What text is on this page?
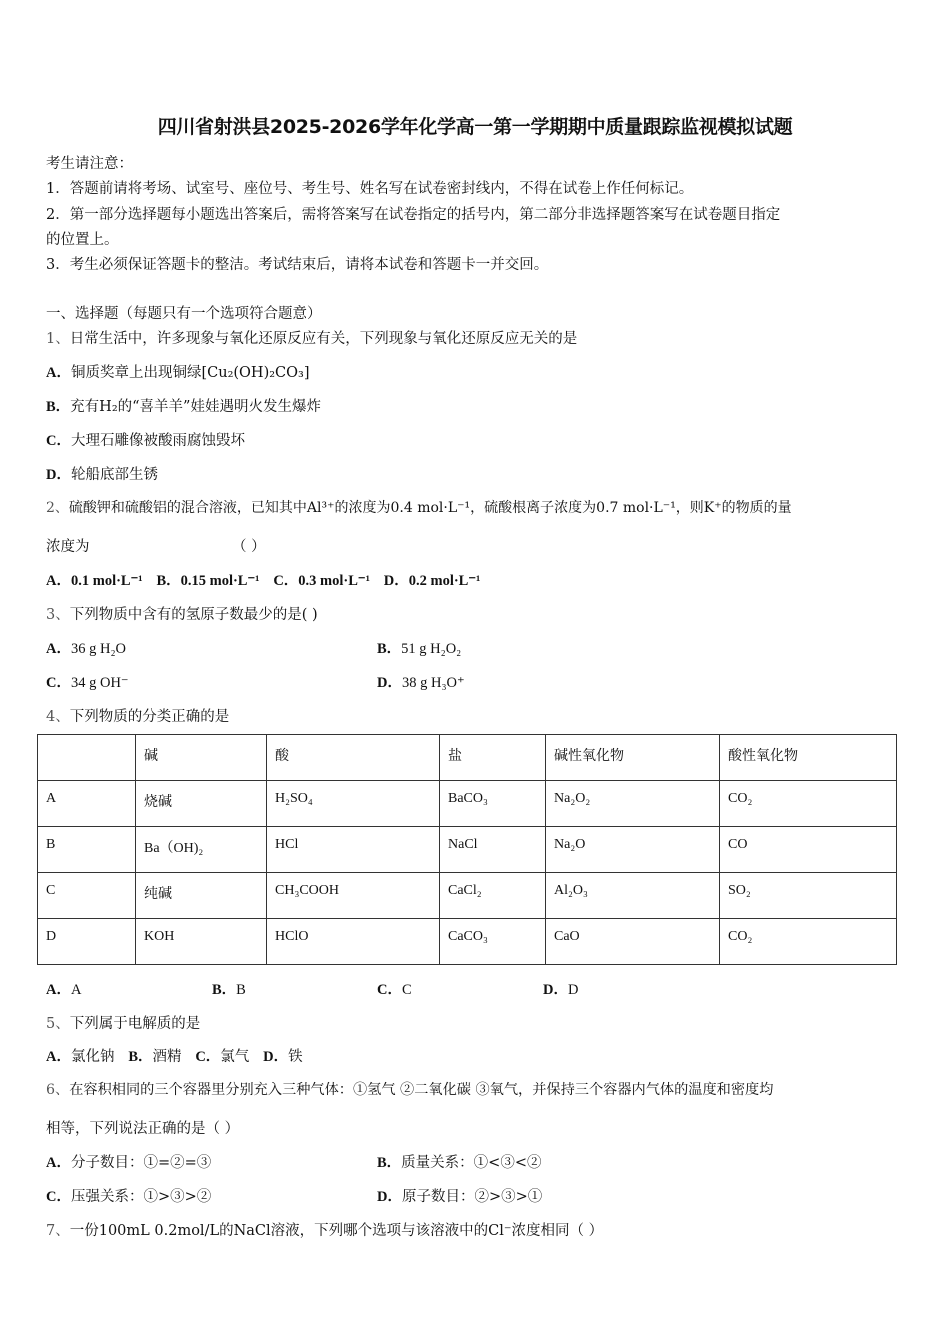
四川省射洪县2025-2026学年化学高一第一学期期中质量跟踪监视模拟试题
考生请注意：
1．答题前请将考场、试室号、座位号、考生号、姓名写在试卷密封线内，不得在试卷上作任何标记。
2．第一部分选择题每小题选出答案后，需将答案写在试卷指定的括号内，第二部分非选择题答案写在试卷题目指定
的位置上。
3．考生必须保证答题卡的整洁。考试结束后，请将本试卷和答题卡一并交回。
一、选择题（每题只有一个选项符合题意）
1、日常生活中，许多现象与氧化还原反应有关，下列现象与氧化还原反应无关的是
A．铜质奖章上出现铜绿[Cu₂(OH)₂CO₃]
B．充有H₂的“喜羊羊”娃娃遇明火发生爆炸
C．大理石雕像被酸雨腐蚀毁坏
D．轮船底部生锈
2、硫酸钾和硫酸铝的混合溶液，已知其中Al³⁺的浓度为0.4 mol·L⁻¹，硫酸根离子浓度为0.7 mol·L⁻¹，则K⁺的物质的量
浓度为	（ ）
A．0.1 mol·L⁻¹ B．0.15 mol·L⁻¹ C．0.3 mol·L⁻¹ D．0.2 mol·L⁻¹
3、下列物质中含有的氢原子数最少的是( )
A．36 g H₂O	B．51 g H₂O₂
C．34 g OH⁻	D．38 g H₃O⁺
4、下列物质的分类正确的是
	碱	酸	盐	碱性氧化物	酸性氧化物
A	烧碱	H₂SO₄	BaCO₃	Na₂O₂	CO₂
B	Ba（OH)₂	HCl	NaCl	Na₂O	CO
C	纯碱	CH₃COOH	CaCl₂	Al₂O₃	SO₂
D	KOH	HClO	CaCO₃	CaO	CO₂
A．A	B．B	C．C	D．D
5、下列属于电解质的是
A．氯化钠 B．酒精 C．氯气 D．铁
6、在容积相同的三个容器里分别充入三种气体：①氢气 ②二氧化碳 ③氧气，并保持三个容器内气体的温度和密度均
相等，下列说法正确的是（ ）
A．分子数目：①=②=③	B．质量关系：①<③<②
C．压强关系：①>③>②	D．原子数目：②>③>①
7、一份100mL 0.2mol/L的NaCl溶液，下列哪个选项与该溶液中的Cl⁻浓度相同（ ）
